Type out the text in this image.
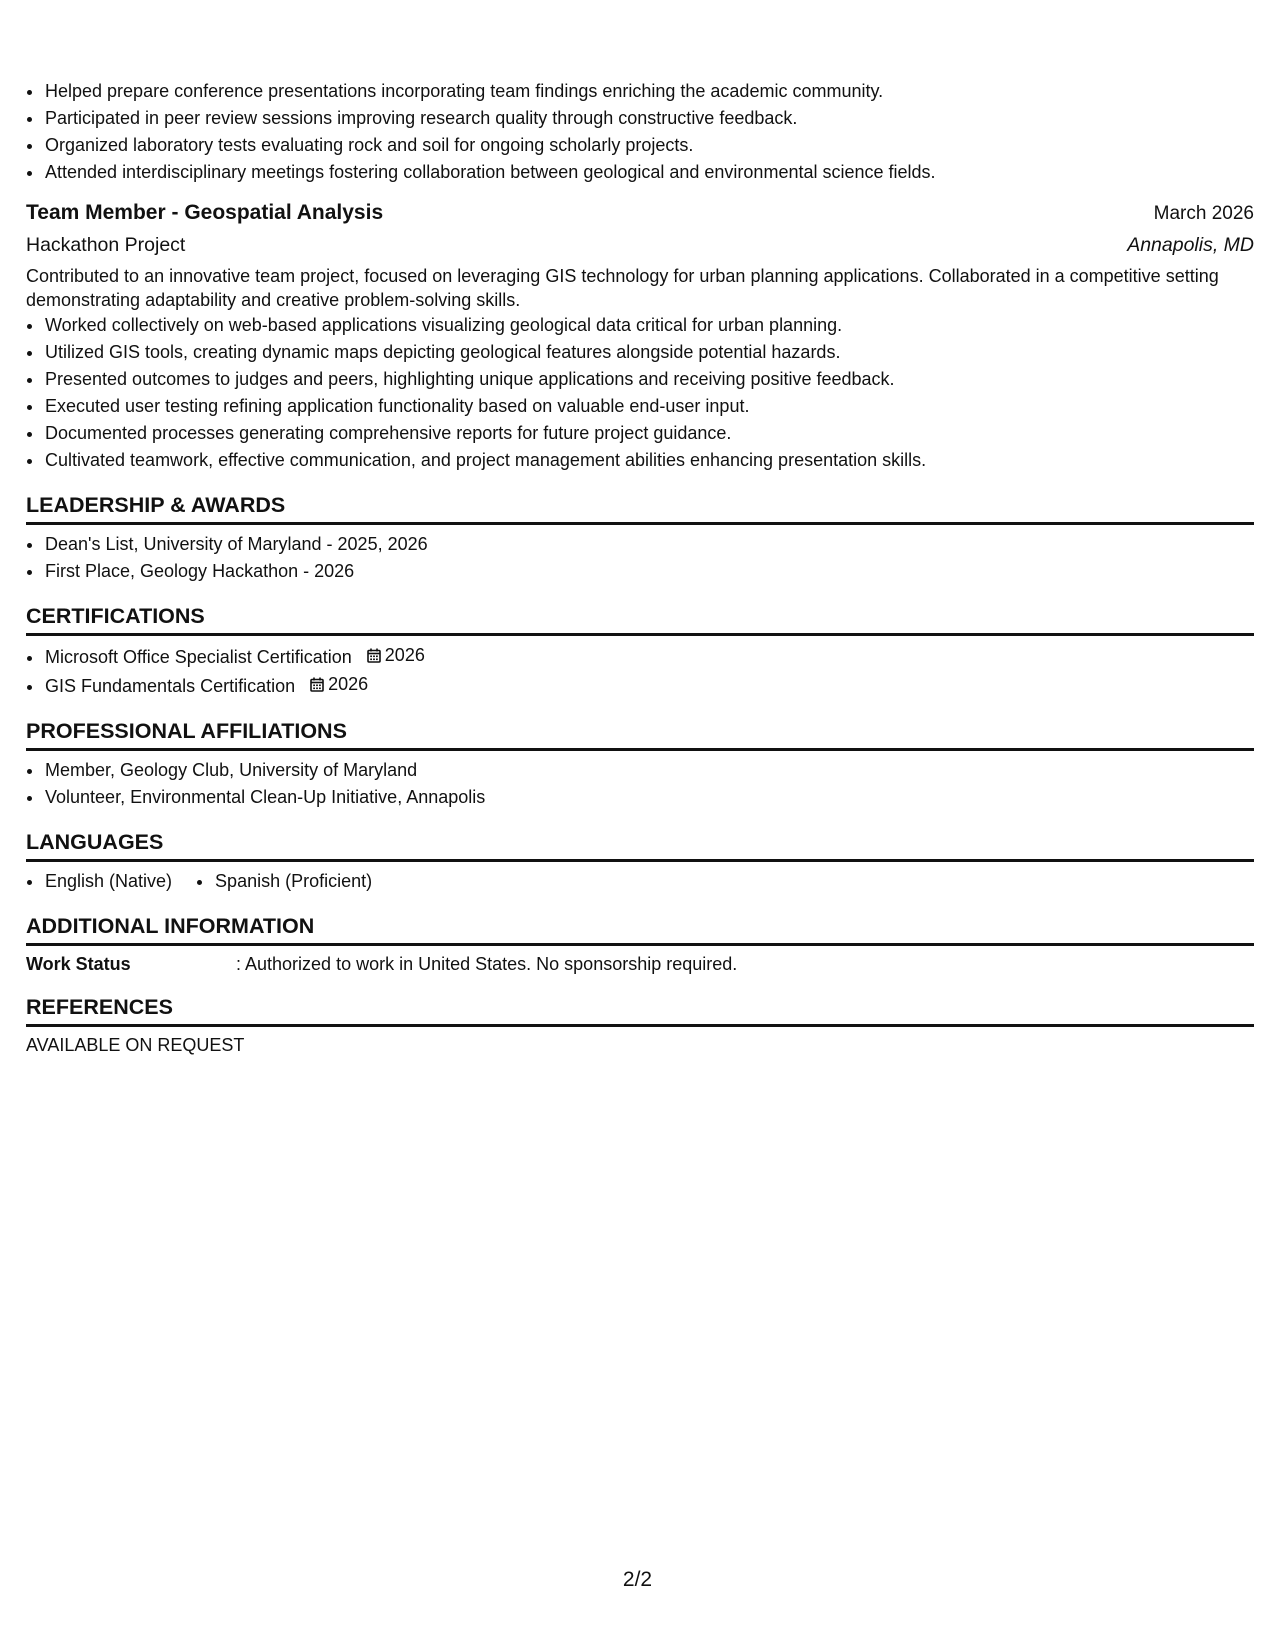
• Helped prepare conference presentations incorporating team findings enriching the academic community.
• Participated in peer review sessions improving research quality through constructive feedback.
• Organized laboratory tests evaluating rock and soil for ongoing scholarly projects.
• Attended interdisciplinary meetings fostering collaboration between geological and environmental science fields.
Team Member - Geospatial Analysis	March 2026
Hackathon Project	Annapolis, MD
Contributed to an innovative team project, focused on leveraging GIS technology for urban planning applications. Collaborated in a competitive setting demonstrating adaptability and creative problem-solving skills.
• Worked collectively on web-based applications visualizing geological data critical for urban planning.
• Utilized GIS tools, creating dynamic maps depicting geological features alongside potential hazards.
• Presented outcomes to judges and peers, highlighting unique applications and receiving positive feedback.
• Executed user testing refining application functionality based on valuable end-user input.
• Documented processes generating comprehensive reports for future project guidance.
• Cultivated teamwork, effective communication, and project management abilities enhancing presentation skills.
LEADERSHIP & AWARDS
• Dean's List, University of Maryland - 2025, 2026
• First Place, Geology Hackathon - 2026
CERTIFICATIONS
• Microsoft Office Specialist Certification 2026
• GIS Fundamentals Certification 2026
PROFESSIONAL AFFILIATIONS
• Member, Geology Club, University of Maryland
• Volunteer, Environmental Clean-Up Initiative, Annapolis
LANGUAGES
• English (Native)
• Spanish (Proficient)
ADDITIONAL INFORMATION
Work Status	: Authorized to work in United States. No sponsorship required.
REFERENCES
AVAILABLE ON REQUEST
2/2
